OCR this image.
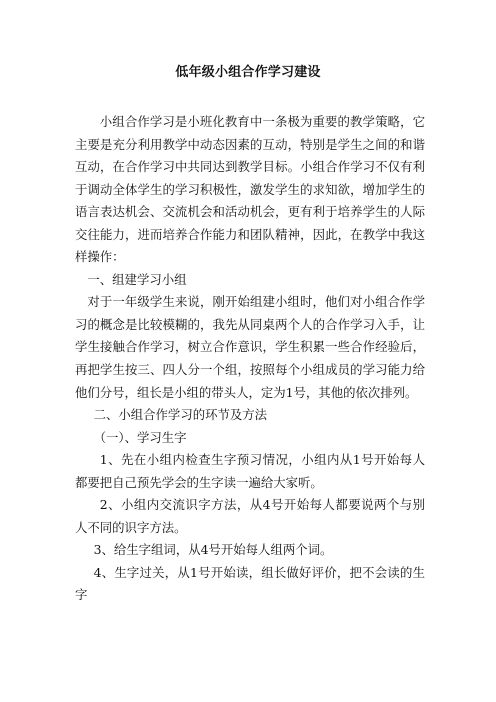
低年级小组合作学习建设

小组合作学习是小班化教育中一条极为重要的教学策略，它主要是充分利用教学中动态因素的互动，特别是学生之间的和谐互动，在合作学习中共同达到教学目标。小组合作学习不仅有利于调动全体学生的学习积极性，激发学生的求知欲，增加学生的语言表达机会、交流机会和活动机会，更有利于培养学生的人际交往能力，进而培养合作能力和团队精神，因此，在教学中我这样操作：

一、组建学习小组

对于一年级学生来说，刚开始组建小组时，他们对小组合作学习的概念是比较模糊的，我先从同桌两个人的合作学习入手，让学生接触合作学习，树立合作意识，学生积累一些合作经验后，再把学生按三、四人分一个组，按照每个小组成员的学习能力给他们分号，组长是小组的带头人，定为1号，其他的依次排列。

二、小组合作学习的环节及方法

（一）、学习生字

1、先在小组内检查生字预习情况，小组内从1号开始每人都要把自己预先学会的生字读一遍给大家听。

2、小组内交流识字方法，从4号开始每人都要说两个与别人不同的识字方法。

3、给生字组词，从4号开始每人组两个词。

4、生字过关，从1号开始读，组长做好评价，把不会读的生字
